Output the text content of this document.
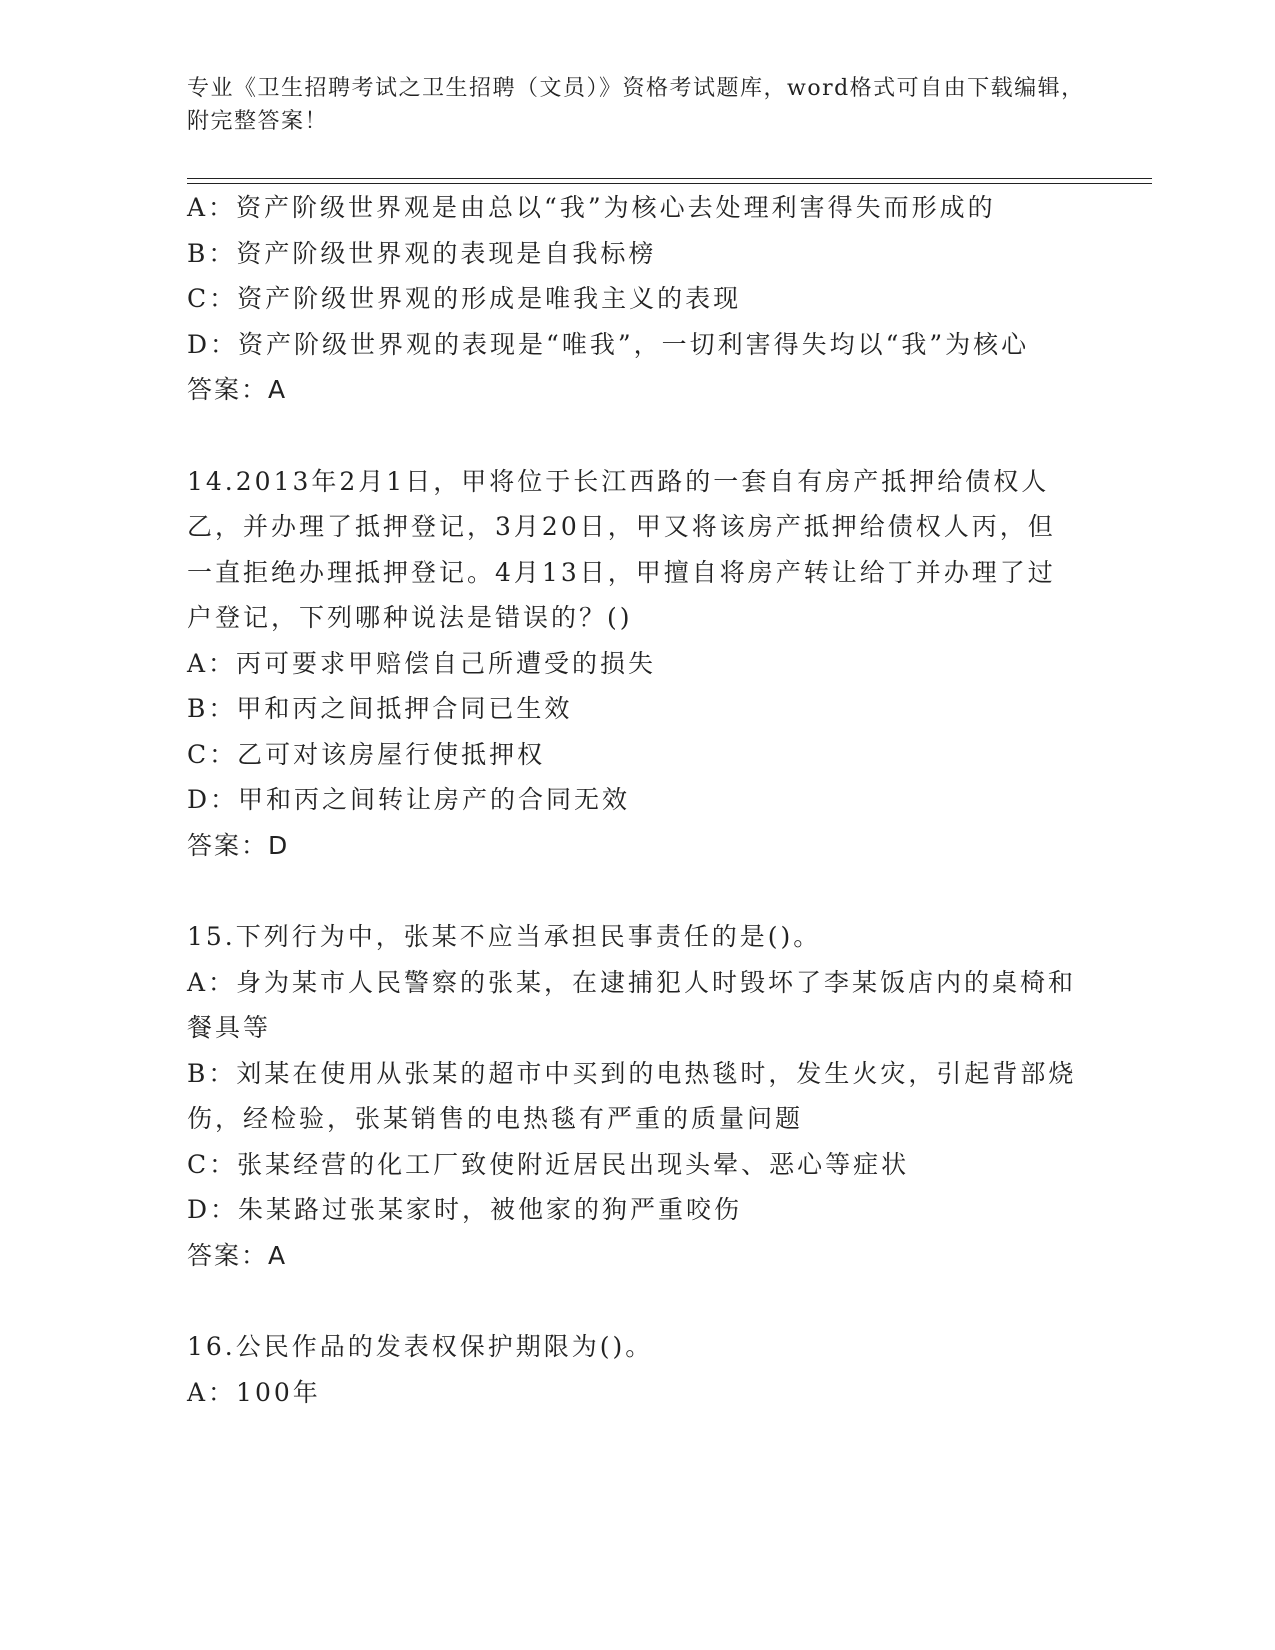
专业《卫生招聘考试之卫生招聘（文员）》资格考试题库，word格式可自由下载编辑，附完整答案！

A：资产阶级世界观是由总以“我”为核心去处理利害得失而形成的

B：资产阶级世界观的表现是自我标榜

C：资产阶级世界观的形成是唯我主义的表现

D：资产阶级世界观的表现是“唯我”，一切利害得失均以“我”为核心

答案：A

14.2013年2月1日，甲将位于长江西路的一套自有房产抵押给债权人乙，并办理了抵押登记，3月20日，甲又将该房产抵押给债权人丙，但一直拒绝办理抵押登记。4月13日，甲擅自将房产转让给丁并办理了过户登记，下列哪种说法是错误的？()

A：丙可要求甲赔偿自己所遭受的损失

B：甲和丙之间抵押合同已生效

C：乙可对该房屋行使抵押权

D：甲和丙之间转让房产的合同无效

答案：D

15.下列行为中，张某不应当承担民事责任的是()。

A：身为某市人民警察的张某，在逮捕犯人时毁坏了李某饭店内的桌椅和餐具等

B：刘某在使用从张某的超市中买到的电热毯时，发生火灾，引起背部烧伤，经检验，张某销售的电热毯有严重的质量问题

C：张某经营的化工厂致使附近居民出现头晕、恶心等症状

D：朱某路过张某家时，被他家的狗严重咬伤

答案：A

16.公民作品的发表权保护期限为()。

A：100年
